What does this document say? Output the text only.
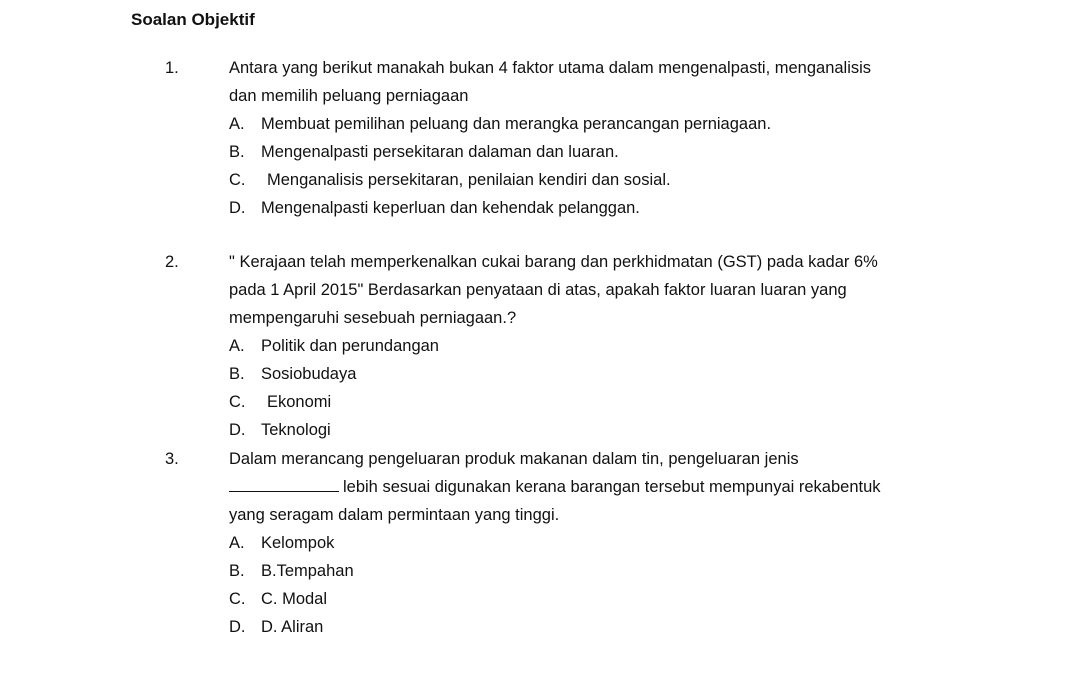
Soalan Objektif
1.	Antara yang berikut manakah bukan 4 faktor utama dalam mengenalpasti, menganalisis
dan memilih peluang perniagaan
A. Membuat pemilihan peluang dan merangka perancangan perniagaan.
B. Mengenalpasti persekitaran dalaman dan luaran.
C. Menganalisis persekitaran, penilaian kendiri dan sosial.
D. Mengenalpasti keperluan dan kehendak pelanggan.
2.	" Kerajaan telah memperkenalkan cukai barang dan perkhidmatan (GST) pada kadar 6%
pada 1 April 2015" Berdasarkan penyataan di atas, apakah faktor luaran luaran yang
mempengaruhi sesebuah perniagaan.?
A. Politik dan perundangan
B. Sosiobudaya
C. Ekonomi
D. Teknologi
3.	Dalam merancang pengeluaran produk makanan dalam tin, pengeluaran jenis
lebih sesuai digunakan kerana barangan tersebut mempunyai rekabentuk
yang seragam dalam permintaan yang tinggi.
A. Kelompok
B. B.Tempahan
C. C. Modal
D. D. Aliran
